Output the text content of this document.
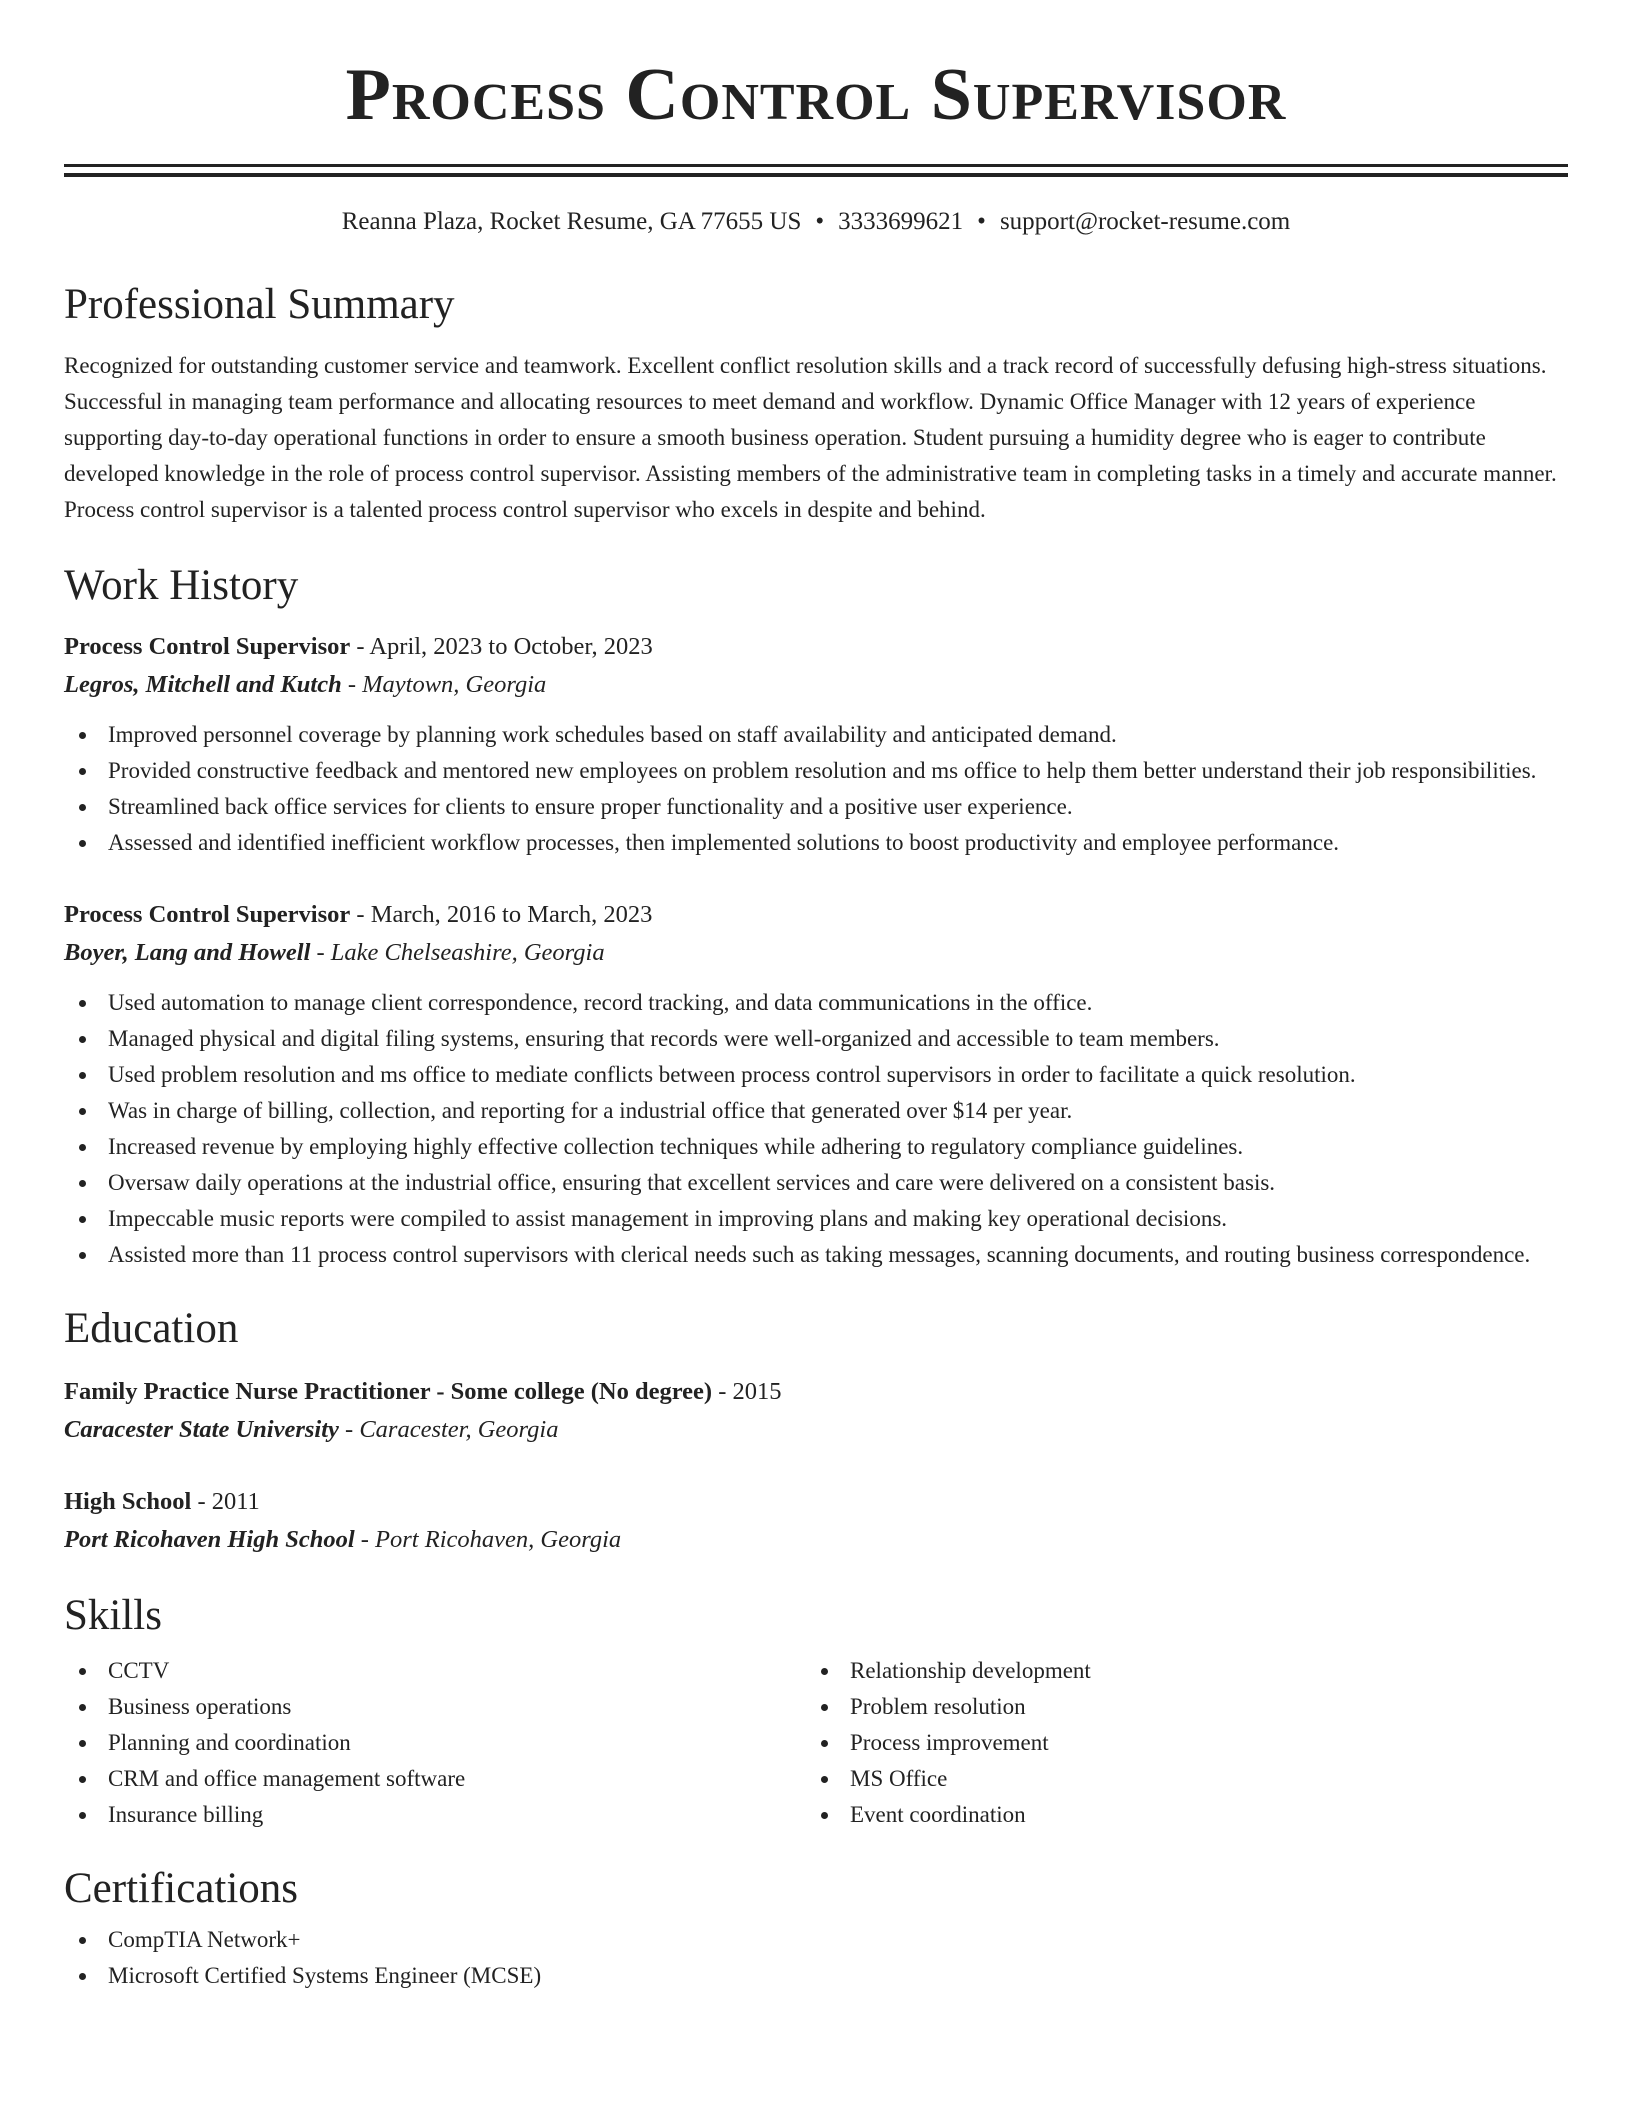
Process Control Supervisor
Reanna Plaza, Rocket Resume, GA 77655 US • 3333699621 • support@rocket-resume.com
Professional Summary
Recognized for outstanding customer service and teamwork. Excellent conflict resolution skills and a track record of successfully defusing high-stress situations. Successful in managing team performance and allocating resources to meet demand and workflow. Dynamic Office Manager with 12 years of experience supporting day-to-day operational functions in order to ensure a smooth business operation. Student pursuing a humidity degree who is eager to contribute developed knowledge in the role of process control supervisor. Assisting members of the administrative team in completing tasks in a timely and accurate manner. Process control supervisor is a talented process control supervisor who excels in despite and behind.
Work History
Process Control Supervisor - April, 2023 to October, 2023
Legros, Mitchell and Kutch - Maytown, Georgia
Improved personnel coverage by planning work schedules based on staff availability and anticipated demand.
Provided constructive feedback and mentored new employees on problem resolution and ms office to help them better understand their job responsibilities.
Streamlined back office services for clients to ensure proper functionality and a positive user experience.
Assessed and identified inefficient workflow processes, then implemented solutions to boost productivity and employee performance.
Process Control Supervisor - March, 2016 to March, 2023
Boyer, Lang and Howell - Lake Chelseashire, Georgia
Used automation to manage client correspondence, record tracking, and data communications in the office.
Managed physical and digital filing systems, ensuring that records were well-organized and accessible to team members.
Used problem resolution and ms office to mediate conflicts between process control supervisors in order to facilitate a quick resolution.
Was in charge of billing, collection, and reporting for a industrial office that generated over $14 per year.
Increased revenue by employing highly effective collection techniques while adhering to regulatory compliance guidelines.
Oversaw daily operations at the industrial office, ensuring that excellent services and care were delivered on a consistent basis.
Impeccable music reports were compiled to assist management in improving plans and making key operational decisions.
Assisted more than 11 process control supervisors with clerical needs such as taking messages, scanning documents, and routing business correspondence.
Education
Family Practice Nurse Practitioner - Some college (No degree) - 2015
Caracester State University - Caracester, Georgia
High School - 2011
Port Ricohaven High School - Port Ricohaven, Georgia
Skills
CCTV
Business operations
Planning and coordination
CRM and office management software
Insurance billing
Relationship development
Problem resolution
Process improvement
MS Office
Event coordination
Certifications
CompTIA Network+
Microsoft Certified Systems Engineer (MCSE)
